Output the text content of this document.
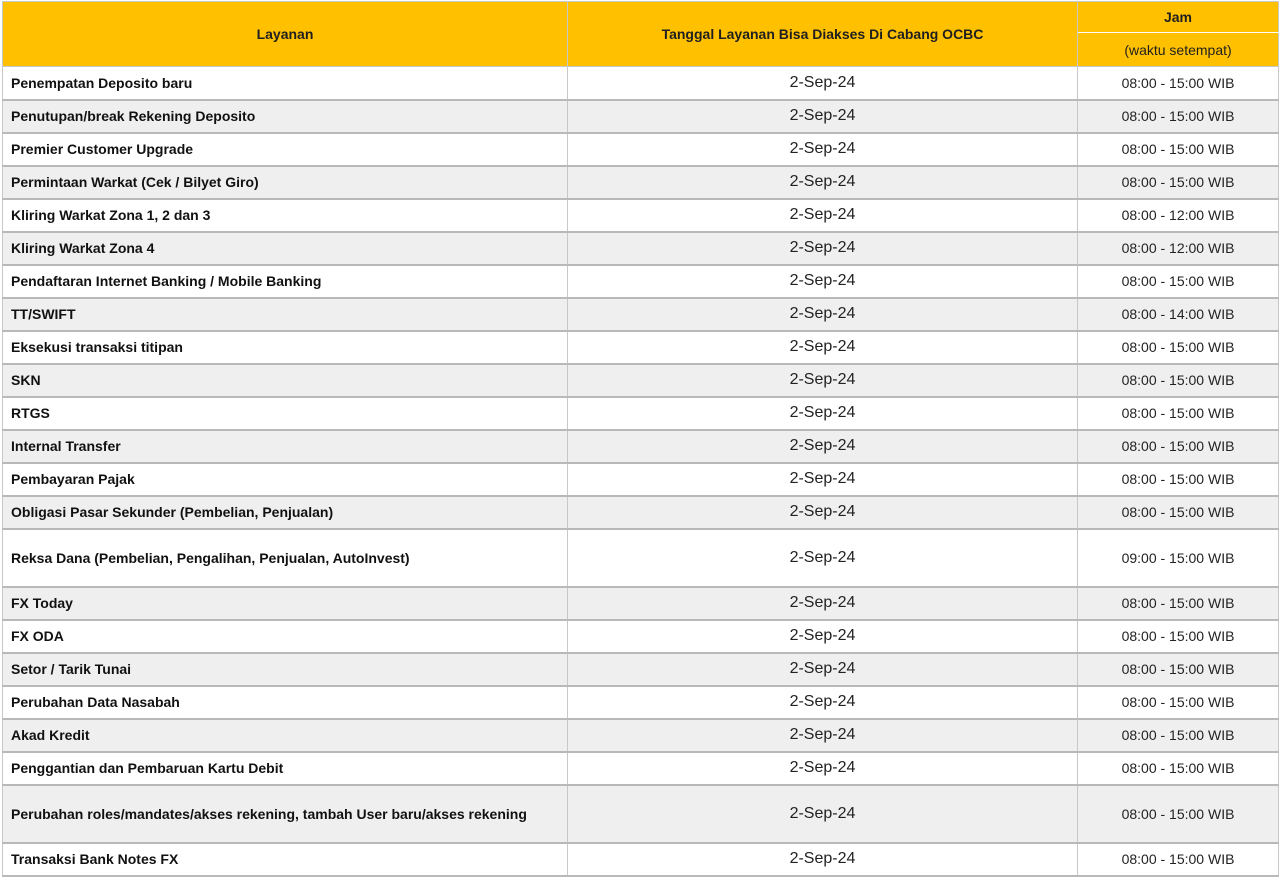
Layanan	Tanggal Layanan Bisa Diakses Di Cabang OCBC	Jam
		(waktu setempat)
Penempatan Deposito baru	2-Sep-24	08:00 - 15:00 WIB
Penutupan/break Rekening Deposito	2-Sep-24	08:00 - 15:00 WIB
Premier Customer Upgrade	2-Sep-24	08:00 - 15:00 WIB
Permintaan Warkat (Cek / Bilyet Giro)	2-Sep-24	08:00 - 15:00 WIB
Kliring Warkat Zona 1, 2 dan 3	2-Sep-24	08:00 - 12:00 WIB
Kliring Warkat Zona 4	2-Sep-24	08:00 - 12:00 WIB
Pendaftaran Internet Banking / Mobile Banking	2-Sep-24	08:00 - 15:00 WIB
TT/SWIFT	2-Sep-24	08:00 - 14:00 WIB
Eksekusi transaksi titipan	2-Sep-24	08:00 - 15:00 WIB
SKN	2-Sep-24	08:00 - 15:00 WIB
RTGS	2-Sep-24	08:00 - 15:00 WIB
Internal Transfer	2-Sep-24	08:00 - 15:00 WIB
Pembayaran Pajak	2-Sep-24	08:00 - 15:00 WIB
Obligasi Pasar Sekunder (Pembelian, Penjualan)	2-Sep-24	08:00 - 15:00 WIB
Reksa Dana (Pembelian, Pengalihan, Penjualan, AutoInvest)	2-Sep-24	09:00 - 15:00 WIB
FX Today	2-Sep-24	08:00 - 15:00 WIB
FX ODA	2-Sep-24	08:00 - 15:00 WIB
Setor / Tarik Tunai	2-Sep-24	08:00 - 15:00 WIB
Perubahan Data Nasabah	2-Sep-24	08:00 - 15:00 WIB
Akad Kredit	2-Sep-24	08:00 - 15:00 WIB
Penggantian dan Pembaruan Kartu Debit	2-Sep-24	08:00 - 15:00 WIB
Perubahan roles/mandates/akses rekening, tambah User baru/akses rekening	2-Sep-24	08:00 - 15:00 WIB
Transaksi Bank Notes FX	2-Sep-24	08:00 - 15:00 WIB
